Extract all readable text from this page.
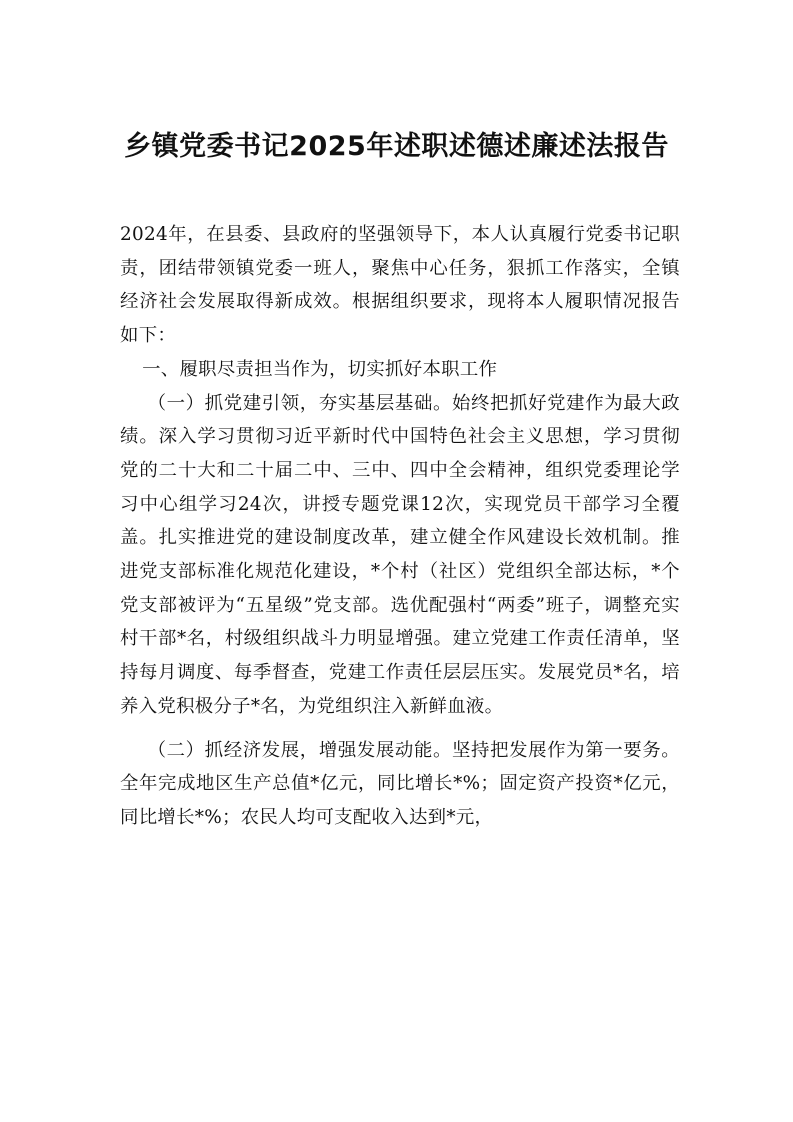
乡镇党委书记2025年述职述德述廉述法报告

2024年，在县委、县政府的坚强领导下，本人认真履行党委书记职责，团结带领镇党委一班人，聚焦中心任务，狠抓工作落实，全镇经济社会发展取得新成效。根据组织要求，现将本人履职情况报告如下：

一、履职尽责担当作为，切实抓好本职工作

（一）抓党建引领，夯实基层基础。始终把抓好党建作为最大政绩。深入学习贯彻习近平新时代中国特色社会主义思想，学习贯彻党的二十大和二十届二中、三中、四中全会精神，组织党委理论学习中心组学习24次，讲授专题党课12次，实现党员干部学习全覆盖。扎实推进党的建设制度改革，建立健全作风建设长效机制。推进党支部标准化规范化建设，*个村（社区）党组织全部达标，*个党支部被评为“五星级”党支部。选优配强村“两委”班子，调整充实村干部*名，村级组织战斗力明显增强。建立党建工作责任清单，坚持每月调度、每季督查，党建工作责任层层压实。发展党员*名，培养入党积极分子*名，为党组织注入新鲜血液。

（二）抓经济发展，增强发展动能。坚持把发展作为第一要务。全年完成地区生产总值*亿元，同比增长*%；固定资产投资*亿元，同比增长*%；农民人均可支配收入达到*元，
